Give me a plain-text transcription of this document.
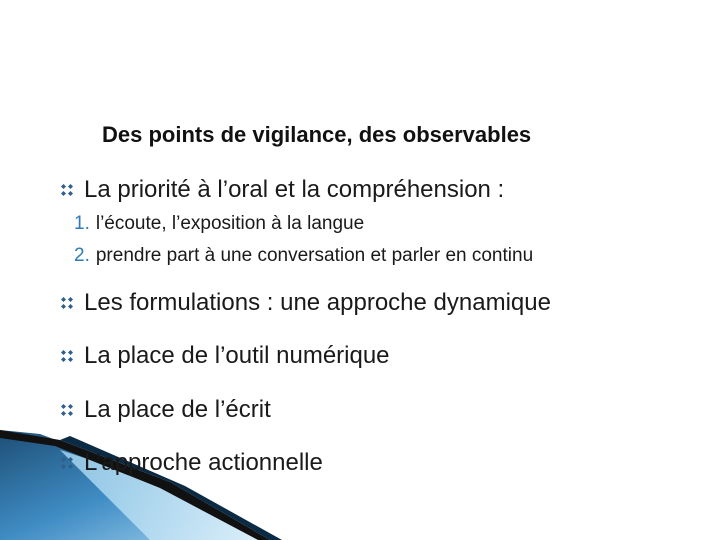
Des points de vigilance, des observables
La priorité à l’oral et la compréhension :
1. l’écoute, l’exposition à la langue
2. prendre part à une conversation et parler en continu
Les formulations : une approche dynamique
La place de l’outil numérique
La place de l’écrit
L’approche actionnelle
